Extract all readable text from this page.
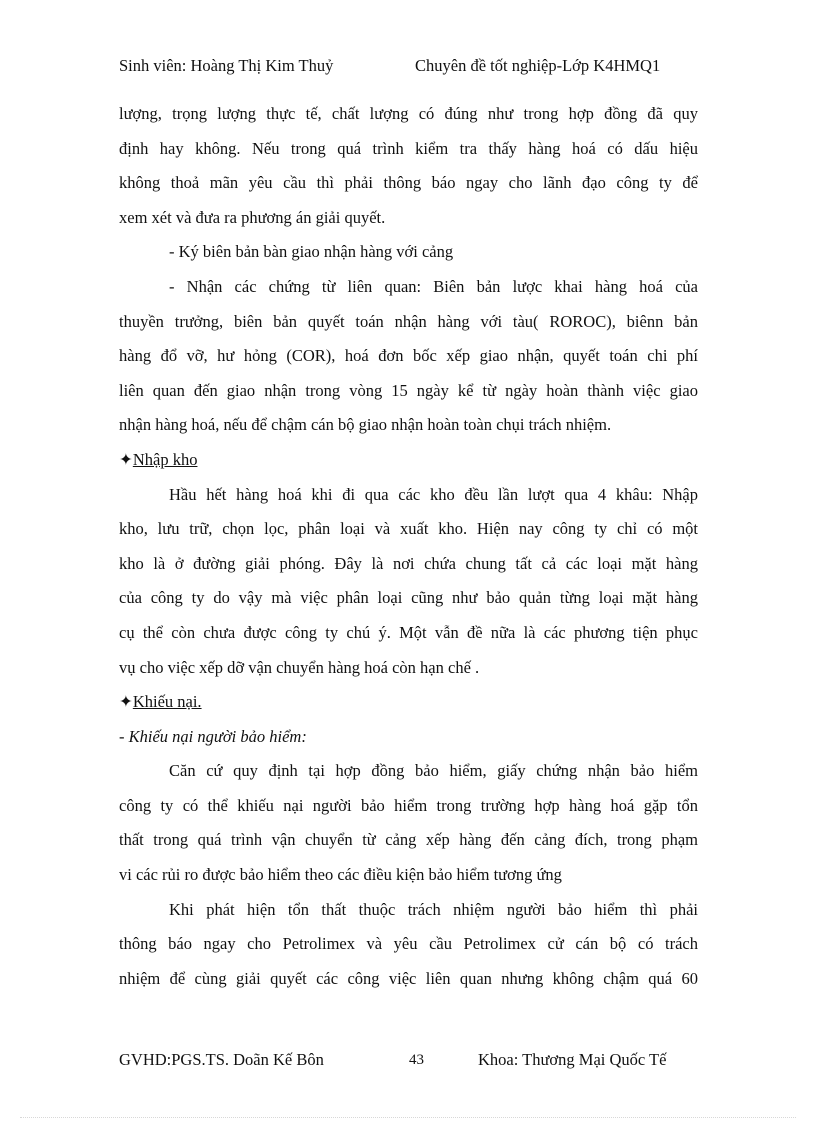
Sinh viên: Hoàng Thị Kim Thuỷ	Chuyên đề tốt nghiệp-Lớp K4HMQ1

lượng, trọng lượng thực tế, chất lượng có đúng như trong hợp đồng đã quy
định hay không. Nếu trong quá trình kiểm tra thấy hàng hoá có dấu hiệu
không thoả mãn yêu cầu thì phải thông báo ngay cho lãnh đạo công ty để
xem xét và đưa ra phương án giải quyết.

- Ký biên bản bàn giao nhận hàng với cảng

- Nhận các chứng từ liên quan: Biên bản lược khai hàng hoá của
thuyền trưởng, biên bản quyết toán nhận hàng với tàu( ROROC), biênn bản
hàng đổ vỡ, hư hỏng (COR), hoá đơn bốc xếp giao nhận, quyết toán chi phí
liên quan đến giao nhận trong vòng 15 ngày kể từ ngày hoàn thành việc giao
nhận hàng hoá, nếu để chậm cán bộ giao nhận hoàn toàn chụi trách nhiệm.

✦Nhập kho

Hầu hết hàng hoá khi đi qua các kho đều lần lượt qua 4 khâu: Nhập
kho, lưu trữ, chọn lọc, phân loại và xuất kho. Hiện nay công ty chỉ có một
kho là ở đường giải phóng. Đây là nơi chứa chung tất cả các loại mặt hàng
của công ty do vậy mà việc phân loại cũng như bảo quản từng loại mặt hàng
cụ thể còn chưa được công ty chú ý. Một vẫn đề nữa là các phương tiện phục
vụ cho việc xếp dỡ vận chuyển hàng hoá còn hạn chế .

✦Khiếu nại.

- Khiếu nại người bảo hiểm:

Căn cứ quy định tại hợp đồng bảo hiểm, giấy chứng nhận bảo hiểm
công ty có thể khiếu nại người bảo hiểm trong trường hợp hàng hoá gặp tổn
thất trong quá trình vận chuyển từ cảng xếp hàng đến cảng đích, trong phạm
vi các rủi ro được bảo hiểm theo các điều kiện bảo hiểm tương ứng

Khi phát hiện tổn thất thuộc trách nhiệm người bảo hiểm thì phải
thông báo ngay cho Petrolimex và yêu cầu Petrolimex cử cán bộ có trách
nhiệm để cùng giải quyết các công việc liên quan nhưng không chậm quá 60

GVHD:PGS.TS. Doãn Kế Bôn	43	Khoa: Thương Mại Quốc Tế
